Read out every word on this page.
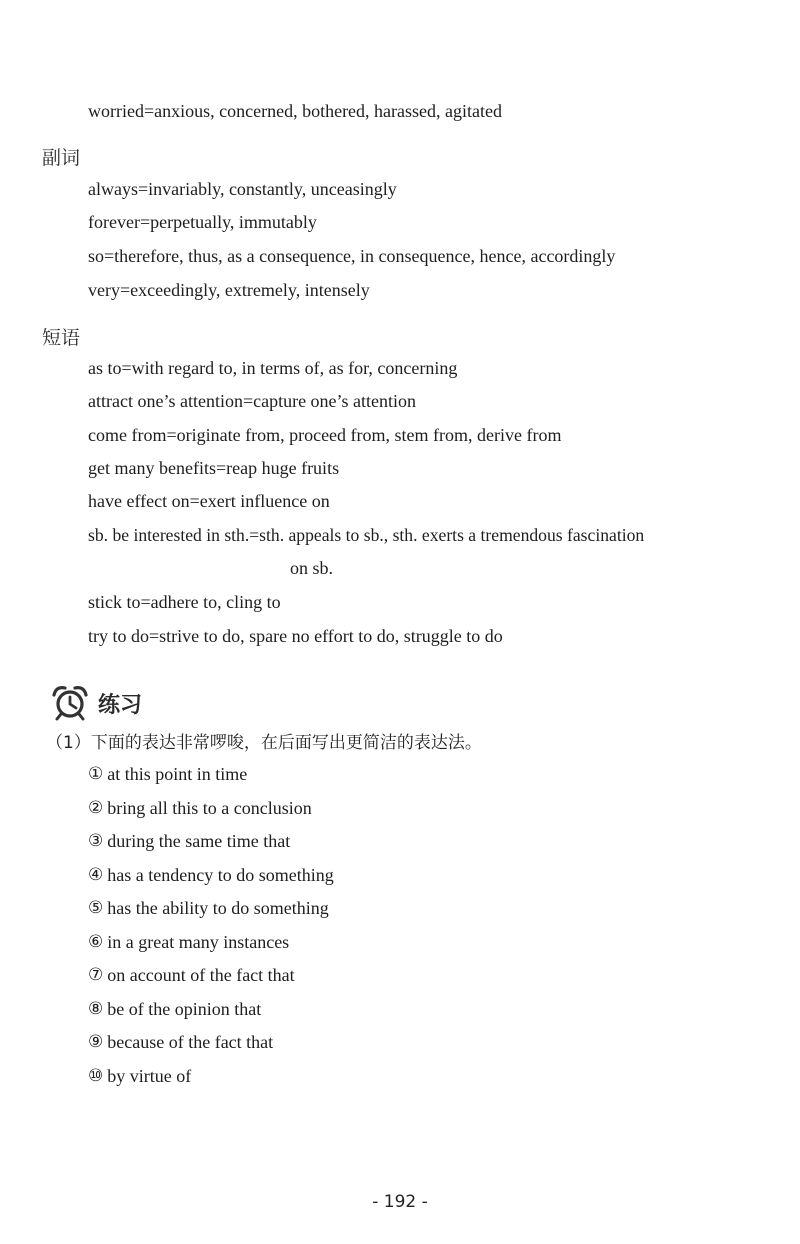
worried=anxious, concerned, bothered, harassed, agitated
副词
always=invariably, constantly, unceasingly
forever=perpetually, immutably
so=therefore, thus, as a consequence, in consequence, hence, accordingly
very=exceedingly, extremely, intensely
短语
as to=with regard to, in terms of, as for, concerning
attract one’s attention=capture one’s attention
come from=originate from, proceed from, stem from, derive from
get many benefits=reap huge fruits
have effect on=exert influence on
sb. be interested in sth.=sth. appeals to sb., sth. exerts a tremendous fascination
on sb.
stick to=adhere to, cling to
try to do=strive to do, spare no effort to do, struggle to do
练习
（1）下面的表达非常啰唆，在后面写出更简洁的表达法。
① at this point in time
② bring all this to a conclusion
③ during the same time that
④ has a tendency to do something
⑤ has the ability to do something
⑥ in a great many instances
⑦ on account of the fact that
⑧ be of the opinion that
⑨ because of the fact that
⑩ by virtue of
- 192 -
